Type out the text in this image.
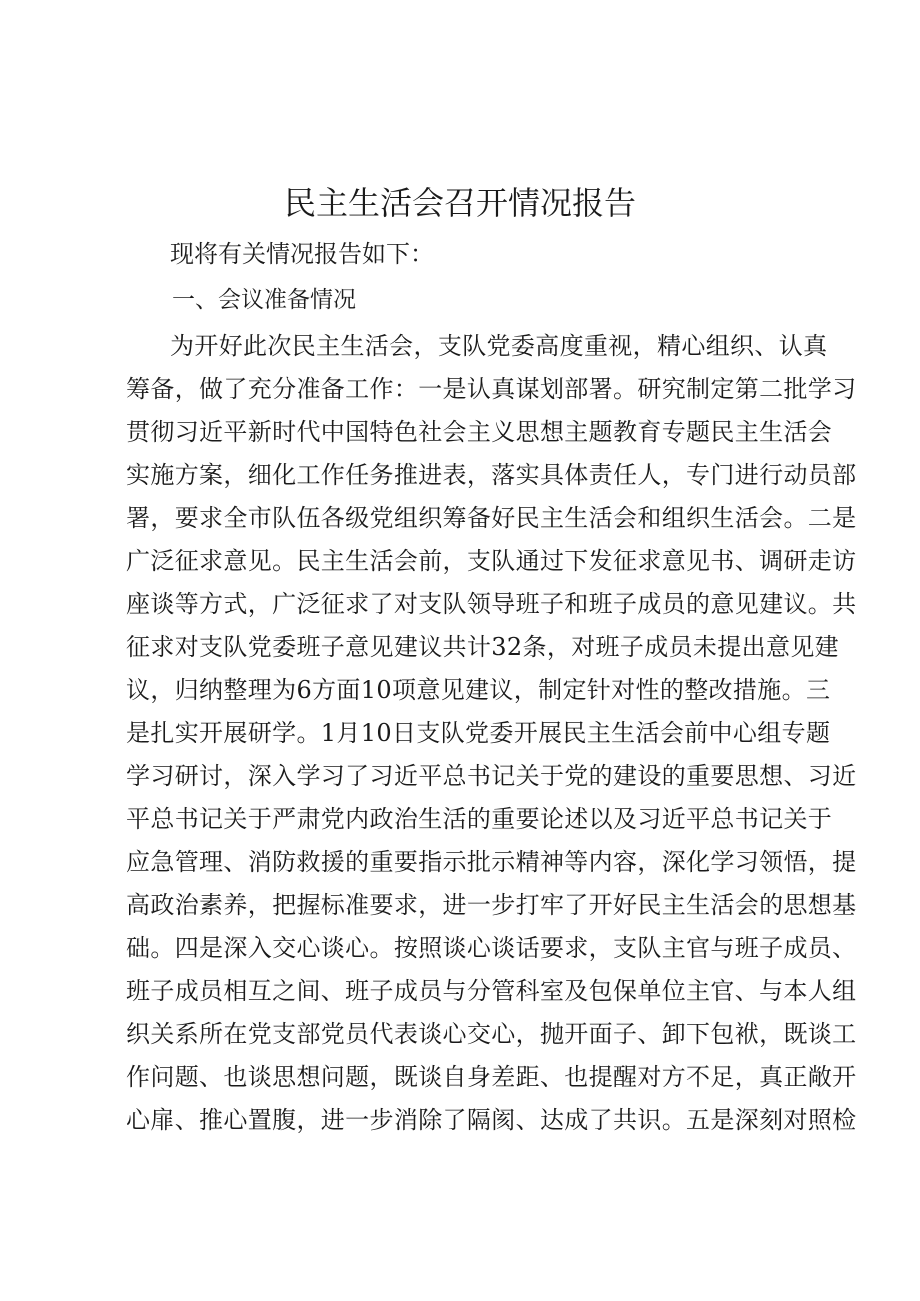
民主生活会召开情况报告
现将有关情况报告如下：
一、会议准备情况
为开好此次民主生活会，支队党委高度重视，精心组织、认真
筹备，做了充分准备工作：一是认真谋划部署。研究制定第二批学习
贯彻习近平新时代中国特色社会主义思想主题教育专题民主生活会
实施方案，细化工作任务推进表，落实具体责任人，专门进行动员部
署，要求全市队伍各级党组织筹备好民主生活会和组织生活会。二是
广泛征求意见。民主生活会前，支队通过下发征求意见书、调研走访
座谈等方式，广泛征求了对支队领导班子和班子成员的意见建议。共
征求对支队党委班子意见建议共计32条，对班子成员未提出意见建
议，归纳整理为6方面10项意见建议，制定针对性的整改措施。三
是扎实开展研学。1月10日支队党委开展民主生活会前中心组专题
学习研讨，深入学习了习近平总书记关于党的建设的重要思想、习近
平总书记关于严肃党内政治生活的重要论述以及习近平总书记关于
应急管理、消防救援的重要指示批示精神等内容，深化学习领悟，提
高政治素养，把握标准要求，进一步打牢了开好民主生活会的思想基
础。四是深入交心谈心。按照谈心谈话要求，支队主官与班子成员、
班子成员相互之间、班子成员与分管科室及包保单位主官、与本人组
织关系所在党支部党员代表谈心交心，抛开面子、卸下包袱，既谈工
作问题、也谈思想问题，既谈自身差距、也提醒对方不足，真正敞开
心扉、推心置腹，进一步消除了隔阂、达成了共识。五是深刻对照检
